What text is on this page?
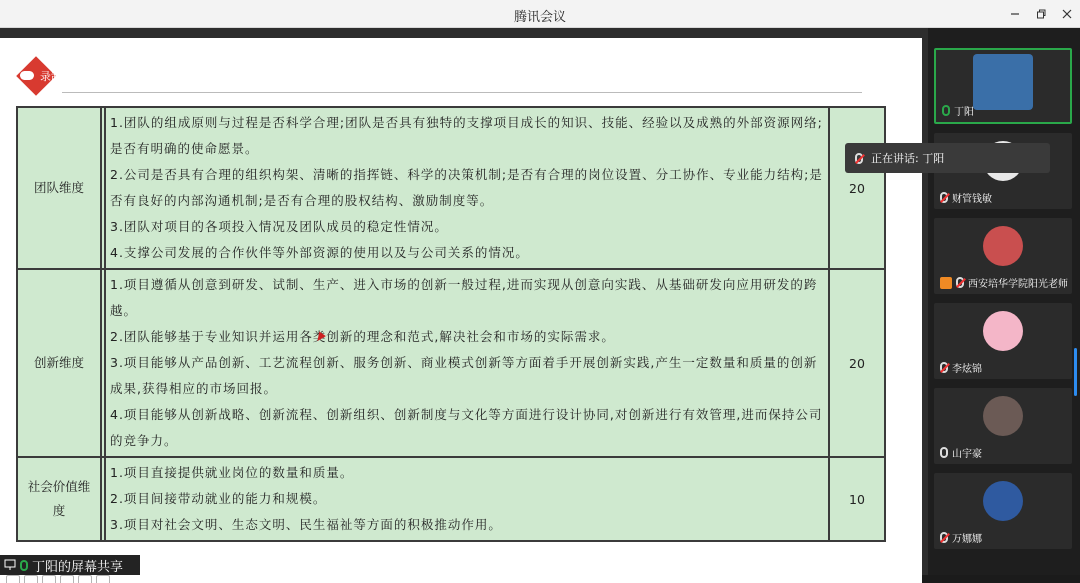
腾讯会议
录制中
团队维度		1.团队的组成原则与过程是否科学合理;团队是否具有独特的支撑项目成长的知识、技能、经验以及成熟的外部资源网络;是否有明确的使命愿景。

2.公司是否具有合理的组织构架、清晰的指挥链、科学的决策机制;是否有合理的岗位设置、分工协作、专业能力结构;是否有良好的内部沟通机制;是否有合理的股权结构、激励制度等。

3.团队对项目的各项投入情况及团队成员的稳定性情况。

4.支撑公司发展的合作伙伴等外部资源的使用以及与公司关系的情况。	20
创新维度		1.项目遵循从创意到研发、试制、生产、进入市场的创新一般过程,进而实现从创意向实践、从基础研发向应用研发的跨越。

2.团队能够基于专业知识并运用各类创新的理念和范式,解决社会和市场的实际需求。

3.项目能够从产品创新、工艺流程创新、服务创新、商业模式创新等方面着手开展创新实践,产生一定数量和质量的创新成果,获得相应的市场回报。

4.项目能够从创新战略、创新流程、创新组织、创新制度与文化等方面进行设计协同,对创新进行有效管理,进而保持公司的竞争力。	20
社会价值维度		1.项目直接提供就业岗位的数量和质量。

2.项目间接带动就业的能力和规模。

3.项目对社会文明、生态文明、民生福祉等方面的积极推动作用。	10
丁阳的屏幕共享
丁阳
财管钱敏
西安培华学院阳光老师
李炫锦
山宇豪
万娜娜
正在讲话: 丁阳
